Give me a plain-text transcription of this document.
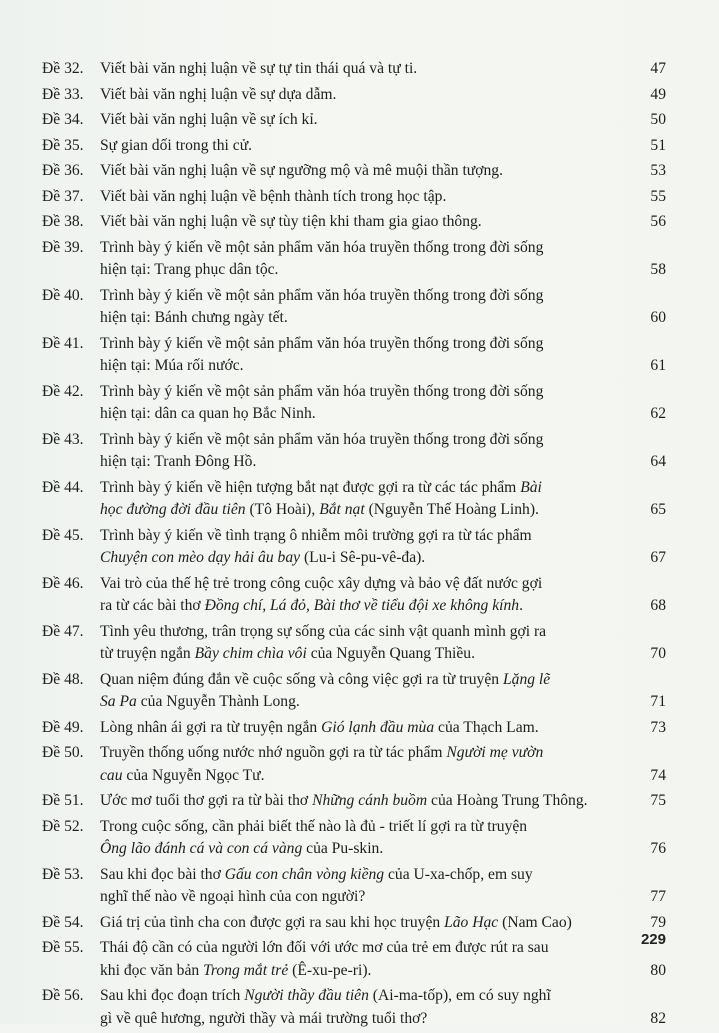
Đề 32. Viết bài văn nghị luận về sự tự tin thái quá và tự ti.	47
Đề 33. Viết bài văn nghị luận về sự dựa dẫm.	49
Đề 34. Viết bài văn nghị luận về sự ích kỉ.	50
Đề 35. Sự gian dối trong thi cử.	51
Đề 36. Viết bài văn nghị luận về sự ngưỡng mộ và mê muội thần tượng.	53
Đề 37. Viết bài văn nghị luận về bệnh thành tích trong học tập.	55
Đề 38. Viết bài văn nghị luận về sự tùy tiện khi tham gia giao thông.	56
Đề 39. Trình bày ý kiến về một sản phẩm văn hóa truyền thống trong đời sống
hiện tại: Trang phục dân tộc.	58
Đề 40. Trình bày ý kiến về một sản phẩm văn hóa truyền thống trong đời sống
hiện tại: Bánh chưng ngày tết.	60
Đề 41. Trình bày ý kiến về một sản phẩm văn hóa truyền thống trong đời sống
hiện tại: Múa rối nước.	61
Đề 42. Trình bày ý kiến về một sản phẩm văn hóa truyền thống trong đời sống
hiện tại: dân ca quan họ Bắc Ninh.	62
Đề 43. Trình bày ý kiến về một sản phẩm văn hóa truyền thống trong đời sống
hiện tại: Tranh Đông Hồ.	64
Đề 44. Trình bày ý kiến về hiện tượng bắt nạt được gợi ra từ các tác phẩm Bài
học đường đời đầu tiên (Tô Hoài), Bắt nạt (Nguyễn Thế Hoàng Linh).	65
Đề 45. Trình bày ý kiến về tình trạng ô nhiễm môi trường gợi ra từ tác phẩm
Chuyện con mèo dạy hải âu bay (Lu-i Sê-pu-vê-đa).	67
Đề 46. Vai trò của thế hệ trẻ trong công cuộc xây dựng và bảo vệ đất nước gợi
ra từ các bài thơ Đồng chí, Lá đỏ, Bài thơ về tiểu đội xe không kính.	68
Đề 47. Tình yêu thương, trân trọng sự sống của các sinh vật quanh mình gợi ra
từ truyện ngắn Bầy chim chìa vôi của Nguyễn Quang Thiều.	70
Đề 48. Quan niệm đúng đắn về cuộc sống và công việc gợi ra từ truyện Lặng lẽ
Sa Pa của Nguyễn Thành Long.	71
Đề 49. Lòng nhân ái gợi ra từ truyện ngắn Gió lạnh đầu mùa của Thạch Lam.	73
Đề 50. Truyền thống uống nước nhớ nguồn gợi ra từ tác phẩm Người mẹ vườn
cau của Nguyễn Ngọc Tư.	74
Đề 51. Ước mơ tuổi thơ gợi ra từ bài thơ Những cánh buồm của Hoàng Trung Thông.	75
Đề 52. Trong cuộc sống, cần phải biết thế nào là đủ - triết lí gợi ra từ truyện
Ông lão đánh cá và con cá vàng của Pu-skin.	76
Đề 53. Sau khi đọc bài thơ Gấu con chân vòng kiềng của U-xa-chốp, em suy
nghĩ thế nào về ngoại hình của con người?	77
Đề 54. Giá trị của tình cha con được gợi ra sau khi học truyện Lão Hạc (Nam Cao)	79
Đề 55. Thái độ cần có của người lớn đối với ước mơ của trẻ em được rút ra sau
khi đọc văn bản Trong mắt trẻ (Ê-xu-pe-ri).	80
Đề 56. Sau khi đọc đoạn trích Người thầy đầu tiên (Ai-ma-tốp), em có suy nghĩ
gì về quê hương, người thầy và mái trường tuổi thơ?	82
229
